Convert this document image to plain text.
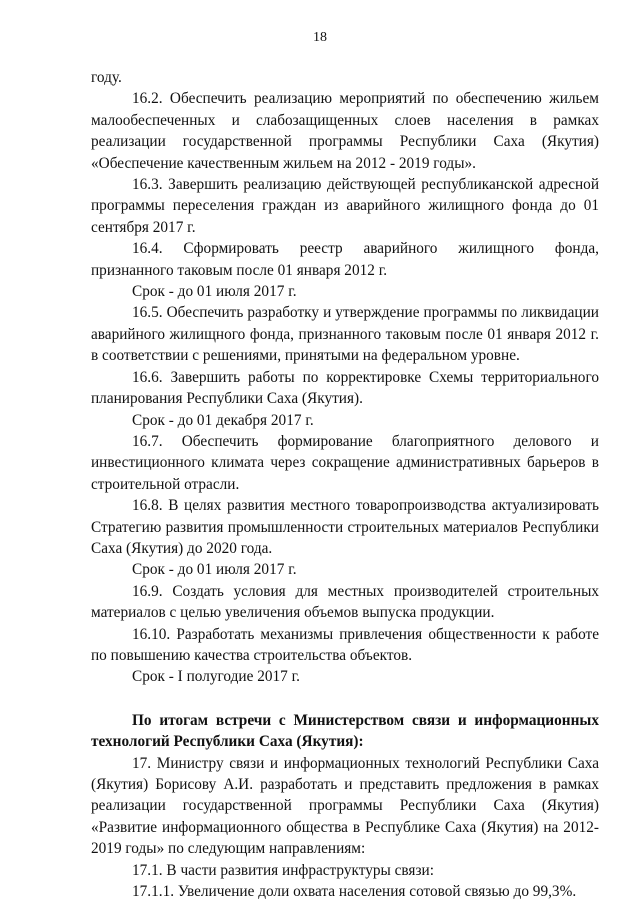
18

году.

16.2. Обеспечить реализацию мероприятий по обеспечению жильем малообеспеченных и слабозащищенных слоев населения в рамках реализации государственной программы Республики Саха (Якутия) «Обеспечение качественным жильем на 2012 - 2019 годы».

16.3. Завершить реализацию действующей республиканской адресной программы переселения граждан из аварийного жилищного фонда до 01 сентября 2017 г.

16.4. Сформировать реестр аварийного жилищного фонда, признанного таковым после 01 января 2012 г.

Срок - до 01 июля 2017 г.

16.5. Обеспечить разработку и утверждение программы по ликвидации аварийного жилищного фонда, признанного таковым после 01 января 2012 г. в соответствии с решениями, принятыми на федеральном уровне.

16.6. Завершить работы по корректировке Схемы территориального планирования Республики Саха (Якутия).

Срок - до 01 декабря 2017 г.

16.7. Обеспечить формирование благоприятного делового и инвестиционного климата через сокращение административных барьеров в строительной отрасли.

16.8. В целях развития местного товаропроизводства актуализировать Стратегию развития промышленности строительных материалов Республики Саха (Якутия) до 2020 года.

Срок - до 01 июля 2017 г.

16.9. Создать условия для местных производителей строительных материалов с целью увеличения объемов выпуска продукции.

16.10. Разработать механизмы привлечения общественности к работе по повышению качества строительства объектов.

Срок - I полугодие 2017 г.

По итогам встречи с Министерством связи и информационных технологий Республики Саха (Якутия):

17. Министру связи и информационных технологий Республики Саха (Якутия) Борисову А.И. разработать и представить предложения в рамках реализации государственной программы Республики Саха (Якутия) «Развитие информационного общества в Республике Саха (Якутия) на 2012-2019 годы» по следующим направлениям:

17.1. В части развития инфраструктуры связи:

17.1.1. Увеличение доли охвата населения сотовой связью до 99,3%.
